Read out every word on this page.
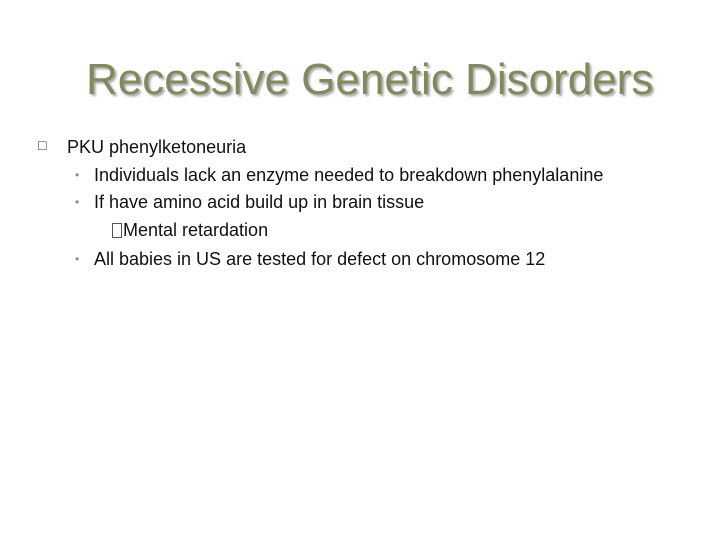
Recessive Genetic Disorders
□ PKU phenylketoneuria
• Individuals lack an enzyme needed to breakdown phenylalanine
• If have amino acid build up in brain tissue
Mental retardation
• All babies in US are tested for defect on chromosome 12
